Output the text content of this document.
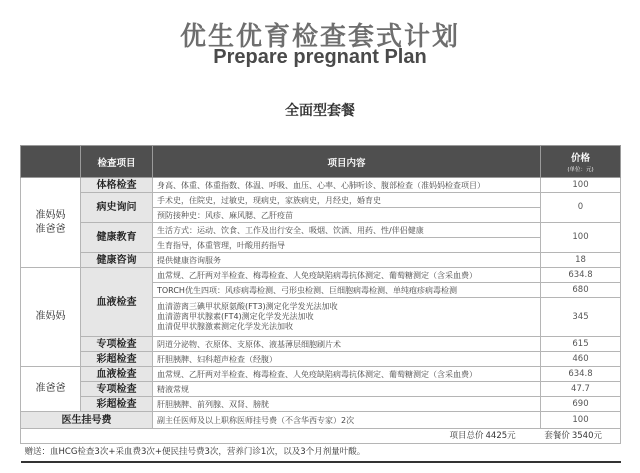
优生优育检查套式计划
Prepare pregnant Plan
全面型套餐
	检查项目	项目内容	价格
(单位：元)

准妈妈
准爸爸	体格检查	身高、体重、体重指数、体温、呼吸、血压、心率、心肺听诊、腹部检查（准妈妈检查项目）	100
	病史询问	手术史，住院史，过敏史，现病史，家族病史，月经史，婚育史	0
		预防接种史：风疹、麻风腮、乙肝疫苗	
	健康教育	生活方式：运动、饮食、工作及出行安全、吸烟、饮酒、用药、性/伴侣健康	100
		生育指导，体重管理，叶酸用药指导	
	健康咨询	提供健康咨询服务	18
准妈妈	血液检查	血常规、乙肝两对半检查、梅毒检查、人免疫缺陷病毒抗体测定、葡萄糖测定（含采血费）	634.8
		TORCH优生四项：风疹病毒检测、弓形虫检测、巨细胞病毒检测、单纯疱疹病毒检测	680
		血清游离三碘甲状原氨酸(FT3)测定化学发光法加收
血清游离甲状腺素(FT4)测定化学发光法加收
血清促甲状腺激素测定化学发光法加收	345
	专项检查	阴道分泌物、衣原体、支原体、液基薄层细胞刷片术	615
	彩超检查	肝胆胰脾、妇科超声检查（经腹）	460
准爸爸	血液检查	血常规、乙肝两对半检查、梅毒检查、人免疫缺陷病毒抗体测定、葡萄糖测定（含采血费）	634.8
	专项检查	精液常规	47.7
	彩超检查	肝胆胰脾、前列腺、双肾、膀胱	690
医生挂号费		副主任医师及以上职称医师挂号费（不含华西专家）2次	100
项目总价 4425元 套餐价 3540元			
赠送：血HCG检查3次+采血费3次+便民挂号费3次，营养门诊1次，以及3个月剂量叶酸。			
